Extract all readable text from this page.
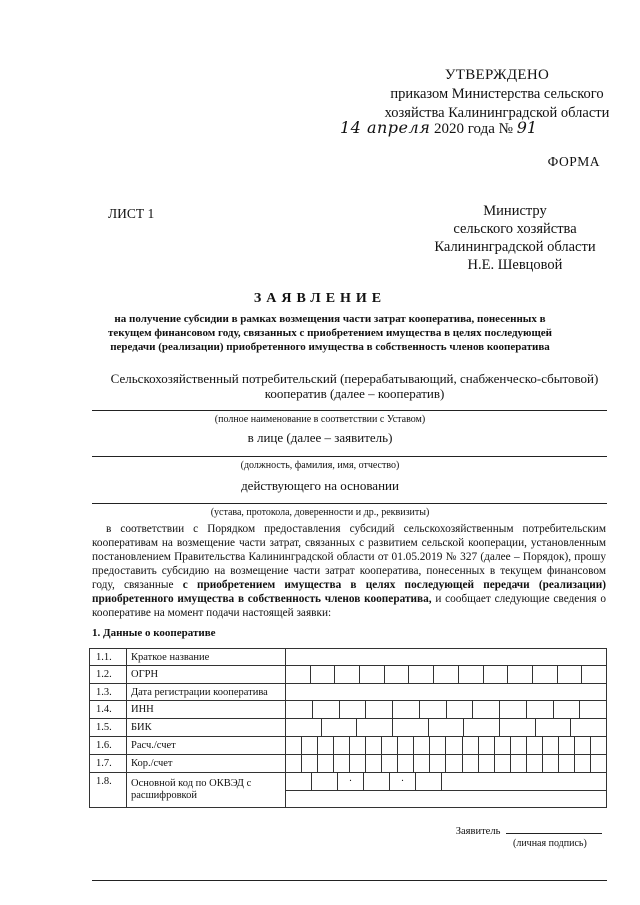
УТВЕРЖДЕНО
приказом Министерства сельского
хозяйства Калининградской области
14 апреля 2020 года № 91
ФОРМА
ЛИСТ 1	Министру
сельского хозяйства
Калининградской области
Н.Е. Шевцовой
ЗАЯВЛЕНИЕ
на получение субсидии в рамках возмещения части затрат кооператива, понесенных в текущем финансовом году, связанных с приобретением имущества в целях последующей передачи (реализации) приобретенного имущества в собственность членов кооператива
Сельскохозяйственный потребительский (перерабатывающий, снабженческо-сбытовой)
кооператив (далее – кооператив)
(полное наименование в соответствии с Уставом)
в лице (далее – заявитель)
(должность, фамилия, имя, отчество)
действующего на основании
(устава, протокола, доверенности и др., реквизиты)
в соответствии с Порядком предоставления субсидий сельскохозяйственным потребительским кооперативам на возмещение части затрат, связанных с развитием сельской кооперации, установленным постановлением Правительства Калининградской области от 01.05.2019 № 327 (далее – Порядок), прошу предоставить субсидию на возмещение части затрат кооператива, понесенных в текущем финансовом году, связанные с приобретением имущества в целях последующей передачи (реализации) приобретенного имущества в собственность членов кооператива, и сообщает следующие сведения о кооперативе на момент подачи настоящей заявки:
1. Данные о кооперативе
1.1.	Краткое название	
1.2.	ОГРН	

1.3.	Дата регистрации кооператива	
1.4.	ИНН	

1.5.	БИК	

1.6.	Расч./счет	

1.7.	Кор./счет	

1.8.	Основной код по ОКВЭД с расшифровкой	. .

Заявитель
(личная подпись)
